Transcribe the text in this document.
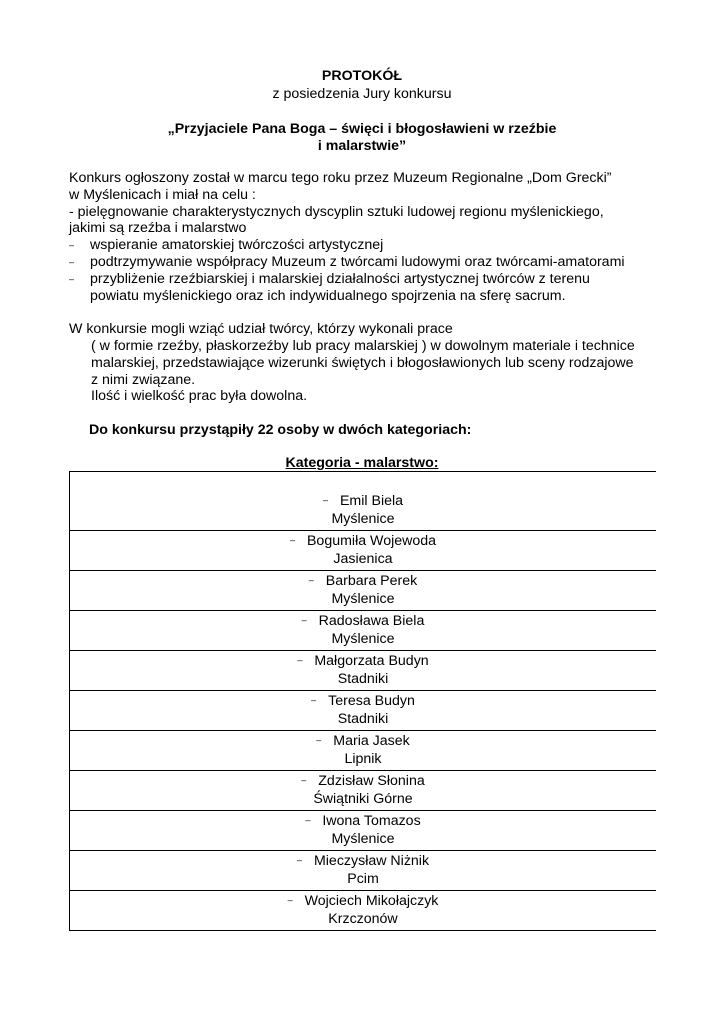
PROTOKÓŁ
z posiedzenia Jury konkursu
„Przyjaciele Pana Boga – święci i błogosławieni w rzeźbie
i malarstwie”
Konkurs ogłoszony został w marcu tego roku przez Muzeum Regionalne „Dom Grecki”
w Myślenicach i miał na celu :
- pielęgnowanie charakterystycznych dyscyplin sztuki ludowej regionu myślenickiego,
jakimi są rzeźba i malarstwo
– wspieranie amatorskiej twórczości artystycznej
– podtrzymywanie współpracy Muzeum z twórcami ludowymi oraz twórcami-amatorami
– przybliżenie rzeźbiarskiej i malarskiej działalności artystycznej twórców z terenu
powiatu myślenickiego oraz ich indywidualnego spojrzenia na sferę sacrum.
W konkursie mogli wziąć udział twórcy, którzy wykonali prace
( w formie rzeźby, płaskorzeźby lub pracy malarskiej ) w dowolnym materiale i technice
malarskiej, przedstawiające wizerunki świętych i błogosławionych lub sceny rodzajowe
z nimi związane.
Ilość i wielkość prac była dowolna.
Do konkursu przystąpiły 22 osoby w dwóch kategoriach:
Kategoria - malarstwo:
– Emil Biela
Myślenice

– Bogumiła Wojewoda
Jasienica

– Barbara Perek
Myślenice

– Radosława Biela
Myślenice

– Małgorzata Budyn
Stadniki

– Teresa Budyn
Stadniki

– Maria Jasek
Lipnik

– Zdzisław Słonina
Świątniki Górne

– Iwona Tomazos
Myślenice

– Mieczysław Niżnik
Pcim

– Wojciech Mikołajczyk
Krzczonów
